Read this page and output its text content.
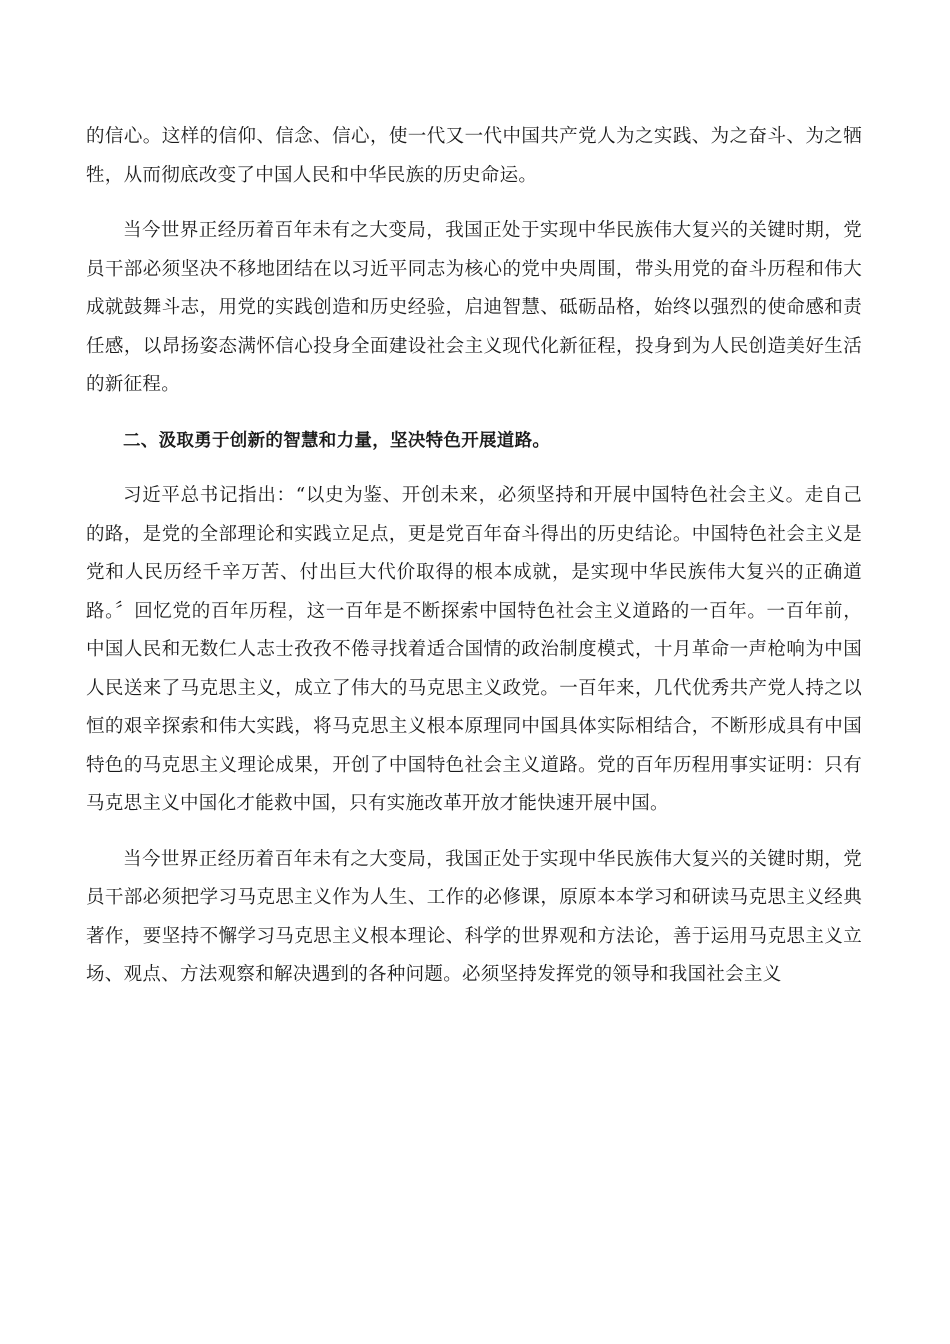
的信心。这样的信仰、信念、信心，使一代又一代中国共产党人为之实践、为之奋斗、为之牺牲，从而彻底改变了中国人民和中华民族的历史命运。

当今世界正经历着百年未有之大变局，我国正处于实现中华民族伟大复兴的关键时期，党员干部必须坚决不移地团结在以习近平同志为核心的党中央周围，带头用党的奋斗历程和伟大成就鼓舞斗志，用党的实践创造和历史经验，启迪智慧、砥砺品格，始终以强烈的使命感和责任感，以昂扬姿态满怀信心投身全面建设社会主义现代化新征程，投身到为人民创造美好生活的新征程。

二、汲取勇于创新的智慧和力量，坚决特色开展道路。

习近平总书记指出：“以史为鉴、开创未来，必须坚持和开展中国特色社会主义。走自己的路，是党的全部理论和实践立足点，更是党百年奋斗得出的历史结论。中国特色社会主义是党和人民历经千辛万苦、付出巨大代价取得的根本成就，是实现中华民族伟大复兴的正确道路。〞回忆党的百年历程，这一百年是不断探索中国特色社会主义道路的一百年。一百年前，中国人民和无数仁人志士孜孜不倦寻找着适合国情的政治制度模式，十月革命一声枪响为中国人民送来了马克思主义，成立了伟大的马克思主义政党。一百年来，几代优秀共产党人持之以恒的艰辛探索和伟大实践，将马克思主义根本原理同中国具体实际相结合，不断形成具有中国特色的马克思主义理论成果，开创了中国特色社会主义道路。党的百年历程用事实证明：只有马克思主义中国化才能救中国，只有实施改革开放才能快速开展中国。

当今世界正经历着百年未有之大变局，我国正处于实现中华民族伟大复兴的关键时期，党员干部必须把学习马克思主义作为人生、工作的必修课，原原本本学习和研读马克思主义经典著作，要坚持不懈学习马克思主义根本理论、科学的世界观和方法论，善于运用马克思主义立场、观点、方法观察和解决遇到的各种问题。必须坚持发挥党的领导和我国社会主义
